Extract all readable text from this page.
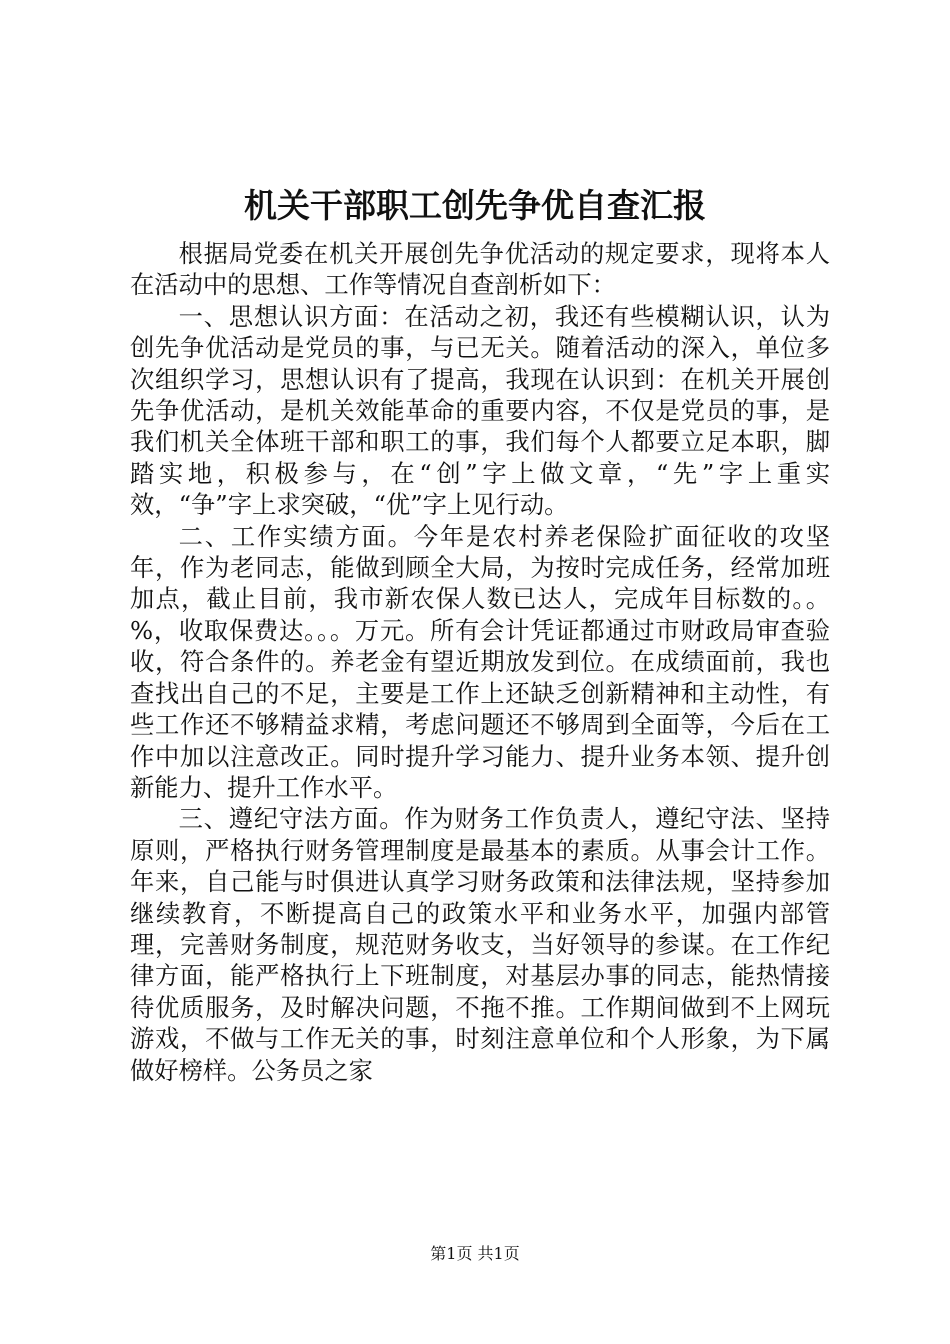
机关干部职工创先争优自查汇报

根据局党委在机关开展创先争优活动的规定要求，现将本人在活动中的思想、工作等情况自查剖析如下：

一、思想认识方面：在活动之初，我还有些模糊认识，认为创先争优活动是党员的事，与已无关。随着活动的深入，单位多次组织学习，思想认识有了提高，我现在认识到：在机关开展创先争优活动，是机关效能革命的重要内容，不仅是党员的事，是我们机关全体班干部和职工的事，我们每个人都要立足本职，脚踏实地，积极参与，在“创”字上做文章，“先”字上重实效，“争”字上求突破，“优”字上见行动。

二、工作实绩方面。今年是农村养老保险扩面征收的攻坚年，作为老同志，能做到顾全大局，为按时完成任务，经常加班加点，截止目前，我市新农保人数已达人，完成年目标数的。。%，收取保费达。。。万元。所有会计凭证都通过市财政局审查验收，符合条件的。养老金有望近期放发到位。在成绩面前，我也查找出自己的不足，主要是工作上还缺乏创新精神和主动性，有些工作还不够精益求精，考虑问题还不够周到全面等，今后在工作中加以注意改正。同时提升学习能力、提升业务本领、提升创新能力、提升工作水平。

三、遵纪守法方面。作为财务工作负责人，遵纪守法、坚持原则，严格执行财务管理制度是最基本的素质。从事会计工作。年来，自己能与时俱进认真学习财务政策和法律法规，坚持参加继续教育，不断提高自己的政策水平和业务水平，加强内部管理，完善财务制度，规范财务收支，当好领导的参谋。在工作纪律方面，能严格执行上下班制度，对基层办事的同志，能热情接待优质服务，及时解决问题，不拖不推。工作期间做到不上网玩游戏，不做与工作无关的事，时刻注意单位和个人形象，为下属做好榜样。公务员之家

第1页 共1页
